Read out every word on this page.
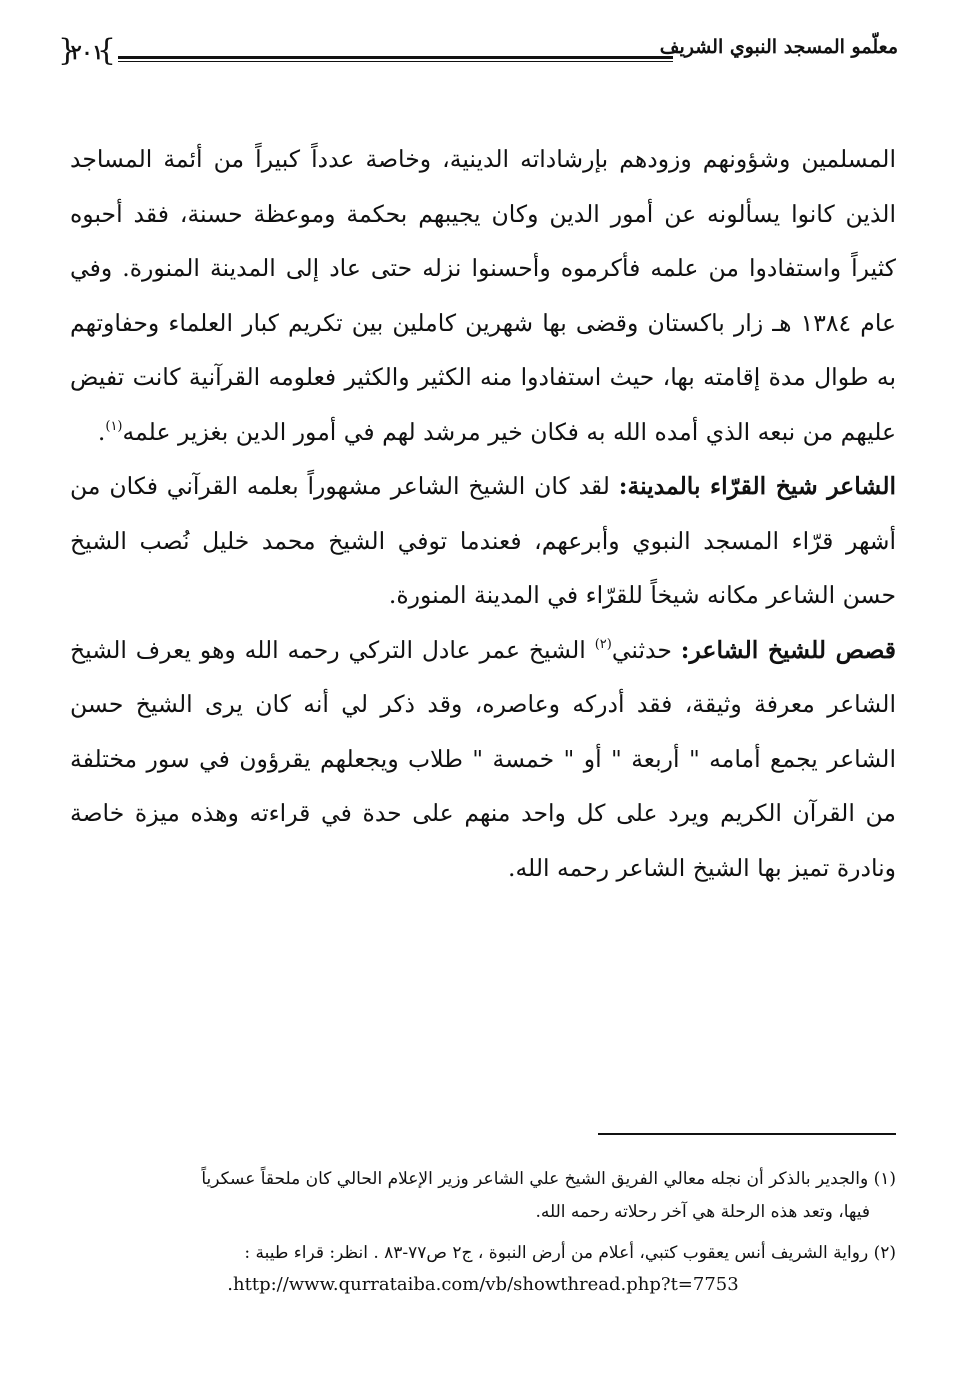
معلّمو المسجد النبوي الشريف
{
٢٠١
}

المسلمين وشؤونهم وزودهم بإرشاداته الدينية، وخاصة عدداً كبيراً من أئمة المساجد الذين كانوا يسألونه عن أمور الدين وكان يجيبهم بحكمة وموعظة حسنة، فقد أحبوه كثيراً واستفادوا من علمه فأكرموه وأحسنوا نزله حتى عاد إلى المدينة المنورة. وفي عام ١٣٨٤ هـ زار باكستان وقضى بها شهرين كاملين بين تكريم كبار العلماء وحفاوتهم به طوال مدة إقامته بها، حيث استفادوا منه الكثير والكثير فعلومه القرآنية كانت تفيض عليهم من نبعه الذي أمده الله به فكان خير مرشد لهم في أمور الدين بغزير علمه$^{(١)}$.

الشاعر شيخ القرّاء بالمدينة: لقد كان الشيخ الشاعر مشهوراً بعلمه القرآني فكان من أشهر قرّاء المسجد النبوي وأبرعهم، فعندما توفي الشيخ محمد خليل نُصب الشيخ حسن الشاعر مكانه شيخاً للقرّاء في المدينة المنورة.

قصص للشيخ الشاعر: حدثني$^{(٢)}$ الشيخ عمر عادل التركي رحمه الله وهو يعرف الشيخ الشاعر معرفة وثيقة، فقد أدركه وعاصره، وقد ذكر لي أنه كان يرى الشيخ حسن الشاعر يجمع أمامه " أربعة " أو " خمسة " طلاب ويجعلهم يقرؤون في سور مختلفة من القرآن الكريم ويرد على كل واحد منهم على حدة في قراءته وهذه ميزة خاصة ونادرة تميز بها الشيخ الشاعر رحمه الله.

(١) والجدير بالذكر أن نجله معالي الفريق الشيخ علي الشاعر وزير الإعلام الحالي كان ملحقاً عسكرياً
فيها، وتعد هذه الرحلة هي آخر رحلاته رحمه الله.
(٢) رواية الشريف أنس يعقوب كتبي، أعلام من أرض النبوة ، ج٢ ص٧٧-٨٣ . انظر: قراء طيبة :
.http://www.qurrataiba.com/vb/showthread.php?t=7753
